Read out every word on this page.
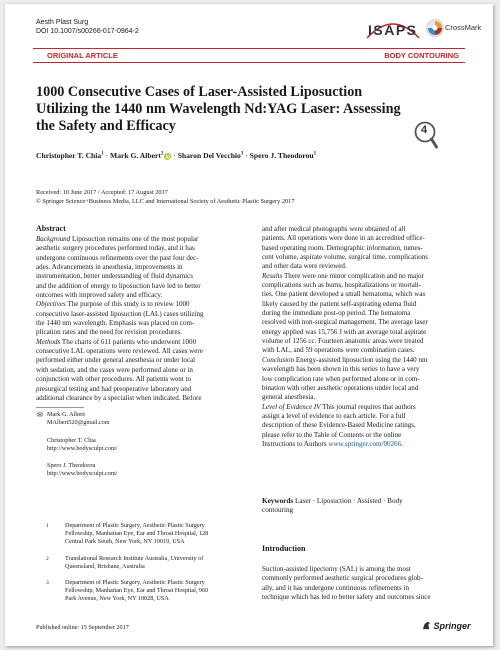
Aesth Plast Surg
DOI 10.1007/s00266-017-0964-2	ISAPS	CrossMark
ORIGINAL ARTICLE	BODY CONTOURING
1000 Consecutive Cases of Laser-Assisted Liposuction Utilizing the 1440 nm Wavelength Nd:YAG Laser: Assessing the Safety and Efficacy	4
Christopher T. Chia$^1$ · Mark G. Albert$^2$ · Sharon Del Vecchio$^3$ · Spero J. Theodorou$^1$
Received: 10 June 2017 / Accepted: 17 August 2017
© Springer Science+Business Media, LLC and International Society of Aesthetic Plastic Surgery 2017
Abstract
Background Liposuction remains one of the most popular
aesthetic surgery procedures performed today, and it has
undergone continuous refinements over the past four dec-
ades. Advancements in anesthesia, improvements in
instrumentation, better understanding of fluid dynamics
and the addition of energy to liposuction have led to better
outcomes with improved safety and efficacy.
Objectives The purpose of this study is to review 1000
consecutive laser-assisted liposuction (LAL) cases utilizing
the 1440 nm wavelength. Emphasis was placed on com-
plication rates and the need for revision procedures.
Methods The charts of 611 patients who underwent 1000
consecutive LAL operations were reviewed. All cases were
performed either under general anesthesia or under local
with sedation, and the cases were performed alone or in
conjunction with other procedures. All patients went to
presurgical testing and had preoperative laboratory and
additional clearance by a specialist when indicated. Before
and after medical photographs were obtained of all
patients. All operations were done in an accredited office-
based operating room. Demographic information, tumes-
cent volume, aspirate volume, surgical time, complications
and other data were reviewed.
Results There were one minor complication and no major
complications such as burns, hospitalizations or mortali-
ties. One patient developed a small hematoma, which was
likely caused by the patient self-aspirating edema fluid
during the immediate post-op period. The hematoma
resolved with non-surgical management. The average laser
energy applied was 15,756 J with an average total aspirate
volume of 1256 cc. Fourteen anatomic areas were treated
with LAL, and 59 operations were combination cases.
Conclusion Energy-assisted liposuction using the 1440 nm
wavelength has been shown in this series to have a very
low complication rate when performed alone or in com-
bination with other aesthetic operations under local and
general anesthesia.
Level of Evidence IV This journal requires that authors
assign a level of evidence to each article. For a full
description of these Evidence-Based Medicine ratings,
please refer to the Table of Contents or the online
Instructions to Authors www.springer.com/00266.
✉ Mark G. Albert
MAlbert520@gmail.com
Christopher T. Chia
http://www.bodysculpt.com/
Spero J. Theodorou
http://www.bodysculpt.com/
1	Department of Plastic Surgery, Aesthetic Plastic Surgery
Fellowship, Manhattan Eye, Ear and Throat Hospital, 128
Central Park South, New York, NY 10019, USA
2	Translational Research Institute Australia, University of
Queensland, Brisbane, Australia
3	Department of Plastic Surgery, Aesthetic Plastic Surgery
Fellowship, Manhattan Eye, Ear and Throat Hospital, 960
Park Avenue, New York, NY 10028, USA
Keywords Laser · Liposuction · Assisted · Body
contouring
Introduction
Suction-assisted lipectomy (SAL) is among the most
commonly performed aesthetic surgical procedures glob-
ally, and it has undergone continuous refinements in
technique which has led to better safety and outcomes since
Published online: 15 September 2017	Springer
